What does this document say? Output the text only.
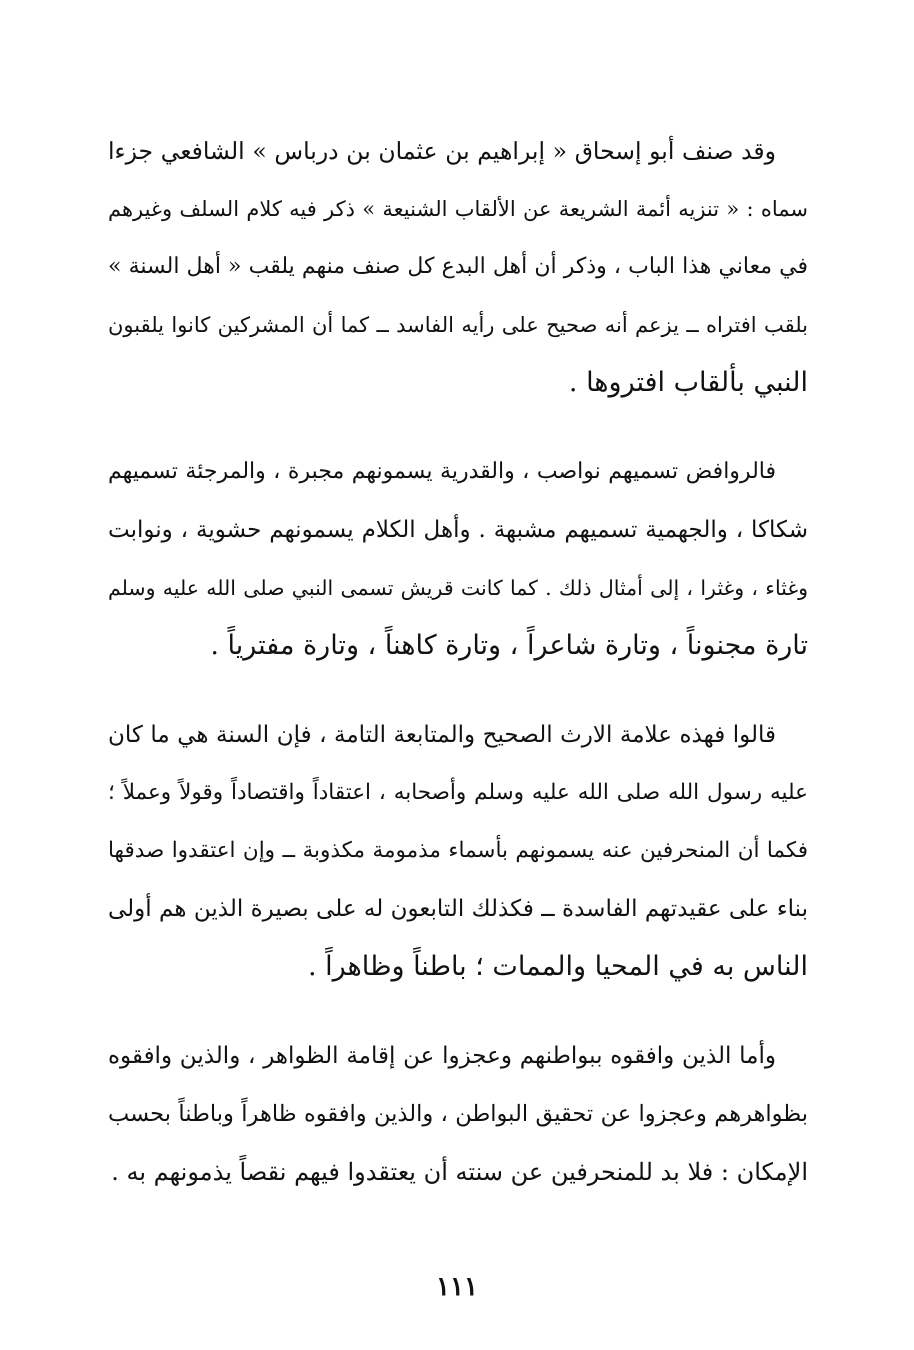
وقد صنف أبو إسحاق « إبراهيم بن عثمان بن درباس » الشافعي جزءا
سماه : « تنزيه أئمة الشريعة عن الألقاب الشنيعة » ذكر فيه كلام السلف وغيرهم
في معاني هذا الباب ، وذكر أن أهل البدع كل صنف منهم يلقب « أهل السنة »
بلقب افتراه ــ يزعم أنه صحيح على رأيه الفاسد ــ كما أن المشركين كانوا يلقبون
النبي بألقاب افتروها .

فالروافض تسميهم نواصب ، والقدرية يسمونهم مجبرة ، والمرجئة تسميهم
شكاكا ، والجهمية تسميهم مشبهة . وأهل الكلام يسمونهم حشوية ، ونوابت
وغثاء ، وغثرا ، إلى أمثال ذلك . كما كانت قريش تسمى النبي صلى الله عليه وسلم
تارة مجنوناً ، وتارة شاعراً ، وتارة كاهناً ، وتارة مفترياً .

قالوا فهذه علامة الارث الصحيح والمتابعة التامة ، فإن السنة هي ما كان
عليه رسول الله صلى الله عليه وسلم وأصحابه ، اعتقاداً واقتصاداً وقولاً وعملاً ؛
فكما أن المنحرفين عنه يسمونهم بأسماء مذمومة مكذوبة ــ وإن اعتقدوا صدقها
بناء على عقيدتهم الفاسدة ــ فكذلك التابعون له على بصيرة الذين هم أولى
الناس به في المحيا والممات ؛ باطناً وظاهراً .

وأما الذين وافقوه ببواطنهم وعجزوا عن إقامة الظواهر ، والذين وافقوه
بظواهرهم وعجزوا عن تحقيق البواطن ، والذين وافقوه ظاهراً وباطناً بحسب
الإمكان : فلا بد للمنحرفين عن سنته أن يعتقدوا فيهم نقصاً يذمونهم به .

١١١
